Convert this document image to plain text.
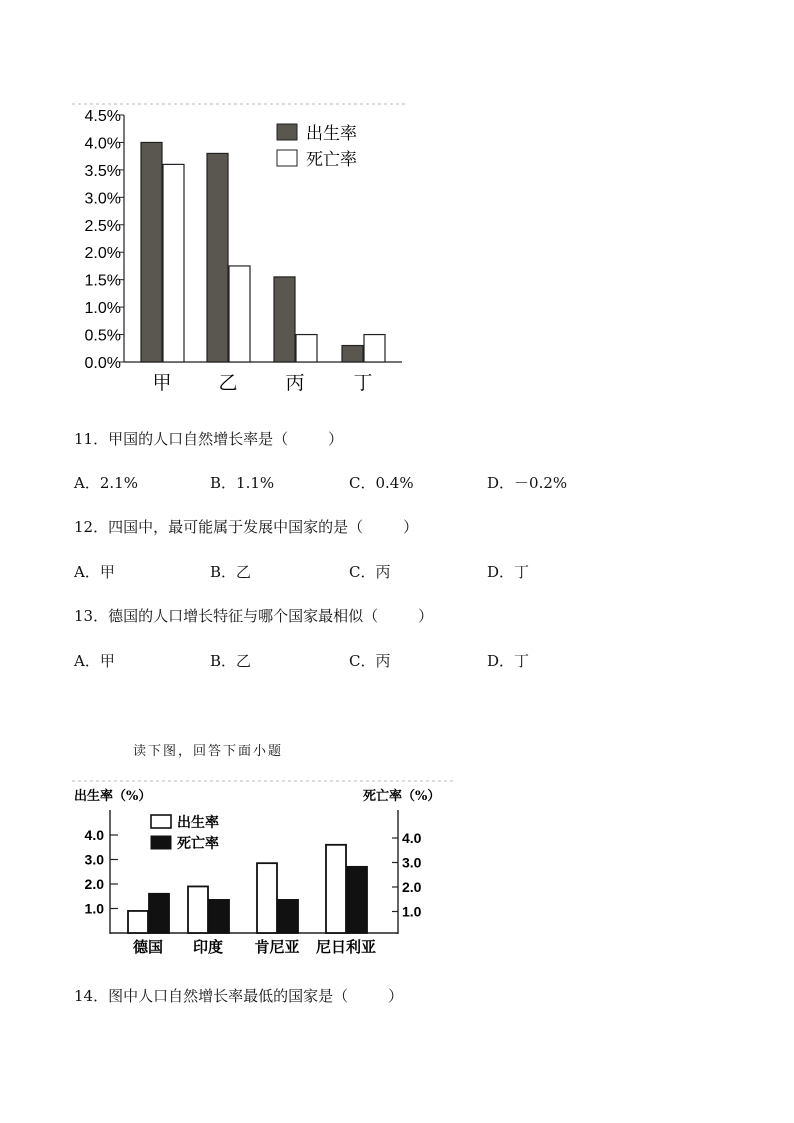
4.5%
4.0%
3.5%
3.0%
2.5%
2.0%
1.5%
1.0%
0.5%
0.0%
甲 乙	丙	丁
出生率
死亡率
出生率（%）	死亡率（%）
4.0	4.0
3.0	3.0
2.0	2.0
1.0	1.0
德国 印度 肯尼亚 尼日利亚
出生率
死亡率
11．甲国的人口自然增长率是（	）
A．2.1%	B．1.1%	C．0.4%	D．－0.2%
12．四国中，最可能属于发展中国家的是（	）
A．甲	B．乙	C．丙	D．丁
13．德国的人口增长特征与哪个国家最相似（	）
A．甲	B．乙	C．丙	D．丁
读下图，回答下面小题
14．图中人口自然增长率最低的国家是（	）
